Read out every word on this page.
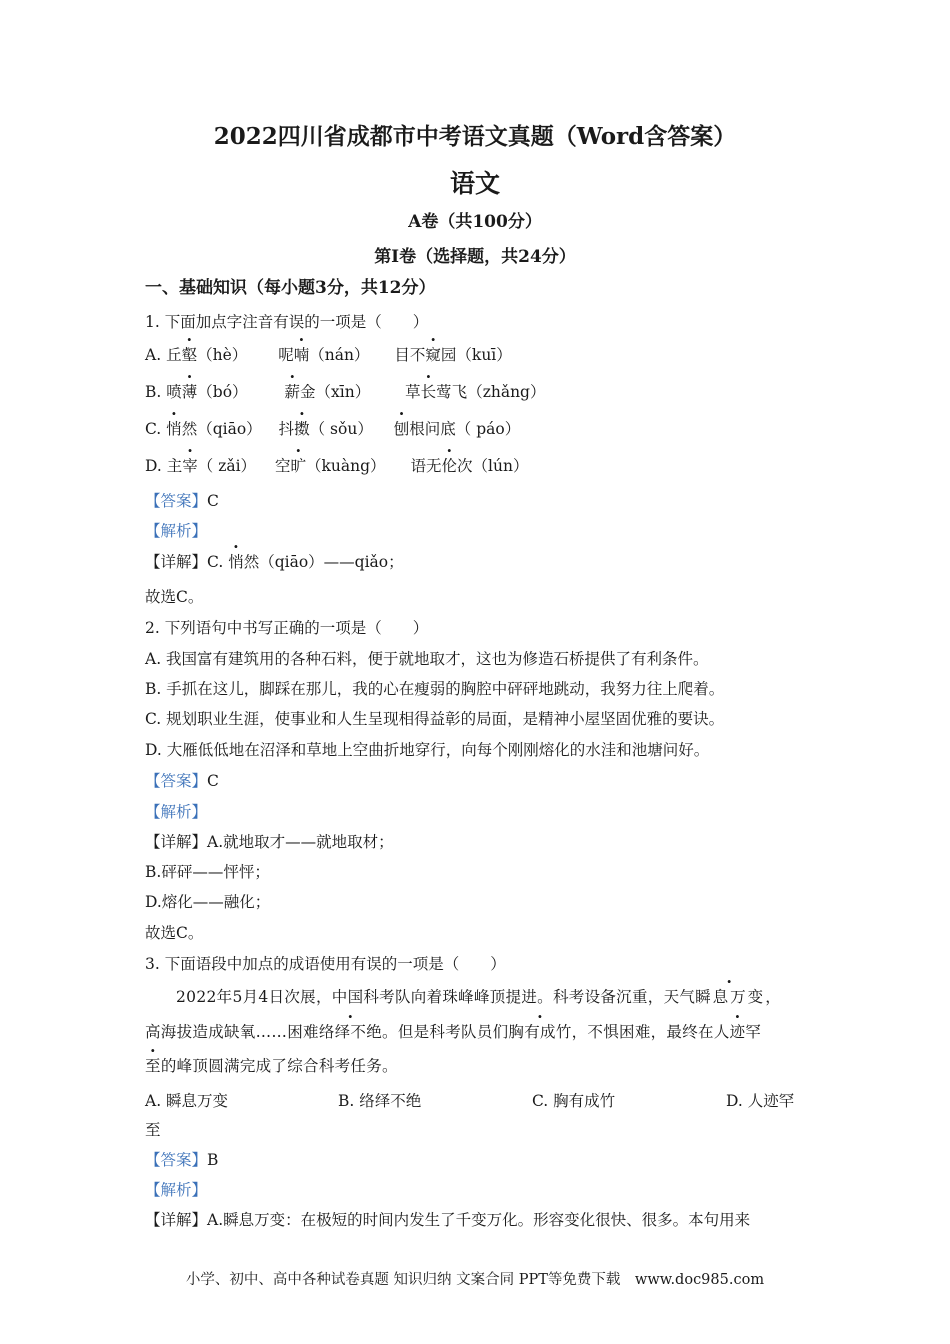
2022四川省成都市中考语文真题（Word含答案）
语文
A卷（共100分）
第Ⅰ卷（选择题，共24分）
一、基础知识（每小题3分，共12分）
1. 下面加点字注音有误的一项是（　　）
A. 丘壑（hè） 呢喃（nán） 目不窥园（kuī）
B. 喷薄（bó） 薪金（xīn） 草长莺飞（zhǎng）
C. 悄然（qiāo） 抖擞（ sǒu） 刨根问底（ páo）
D. 主宰（ zǎi） 空旷（kuàng） 语无伦次（lún）
【答案】C
【解析】
【详解】C. 悄然（qiāo）——qiǎo；
故选C。
2. 下列语句中书写正确的一项是（　　）
A. 我国富有建筑用的各种石料，便于就地取才，这也为修造石桥提供了有利条件。
B. 手抓在这儿，脚踩在那儿，我的心在瘦弱的胸腔中砰砰地跳动，我努力往上爬着。
C. 规划职业生涯，使事业和人生呈现相得益彰的局面，是精神小屋坚固优雅的要诀。
D. 大雁低低地在沼泽和草地上空曲折地穿行，向每个刚刚熔化的水洼和池塘问好。
【答案】C
【解析】
【详解】A.就地取才——就地取材；
B.砰砰——怦怦；
D.熔化——融化；
故选C。
3. 下面语段中加点的成语使用有误的一项是（　　）
2022年5月4日次展，中国科考队向着珠峰峰顶提进。科考设备沉重，天气瞬息万变，
高海拔造成缺氧……困难络绎不绝。但是科考队员们胸有成竹，不惧困难，最终在人迹罕
至的峰顶圆满完成了综合科考任务。
A. 瞬息万变	B. 络绎不绝	C. 胸有成竹	D. 人迹罕
至
【答案】B
【解析】
【详解】A.瞬息万变：在极短的时间内发生了千变万化。形容变化很快、很多。本句用来
小学、初中、高中各种试卷真题 知识归纳 文案合同 PPT等免费下载　www.doc985.com
